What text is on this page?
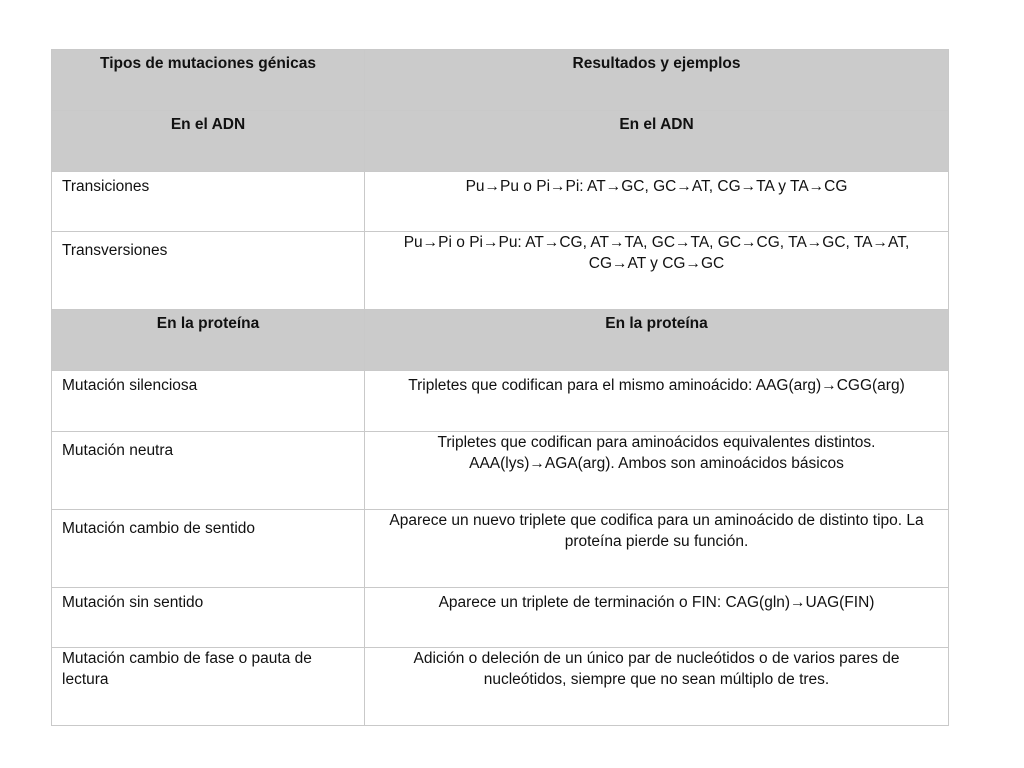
Tipos de mutaciones génicas	Resultados y ejemplos
En el ADN	En el ADN
Transiciones	Pu→Pu o Pi→Pi: AT→GC, GC→AT, CG→TA y TA→CG
Transversiones	Pu→Pi o Pi→Pu: AT→CG, AT→TA, GC→TA, GC→CG, TA→GC, TA→AT, CG→AT y CG→GC
En la proteína	En la proteína
Mutación silenciosa	Tripletes que codifican para el mismo aminoácido: AAG(arg)→CGG(arg)
Mutación neutra	Tripletes que codifican para aminoácidos equivalentes distintos. AAA(lys)→AGA(arg). Ambos son aminoácidos básicos
Mutación cambio de sentido	Aparece un nuevo triplete que codifica para un aminoácido de distinto tipo. La proteína pierde su función.
Mutación sin sentido	Aparece un triplete de terminación o FIN: CAG(gln)→UAG(FIN)
Mutación cambio de fase o pauta de lectura	Adición o deleción de un único par de nucleótidos o de varios pares de nucleótidos, siempre que no sean múltiplo de tres.
